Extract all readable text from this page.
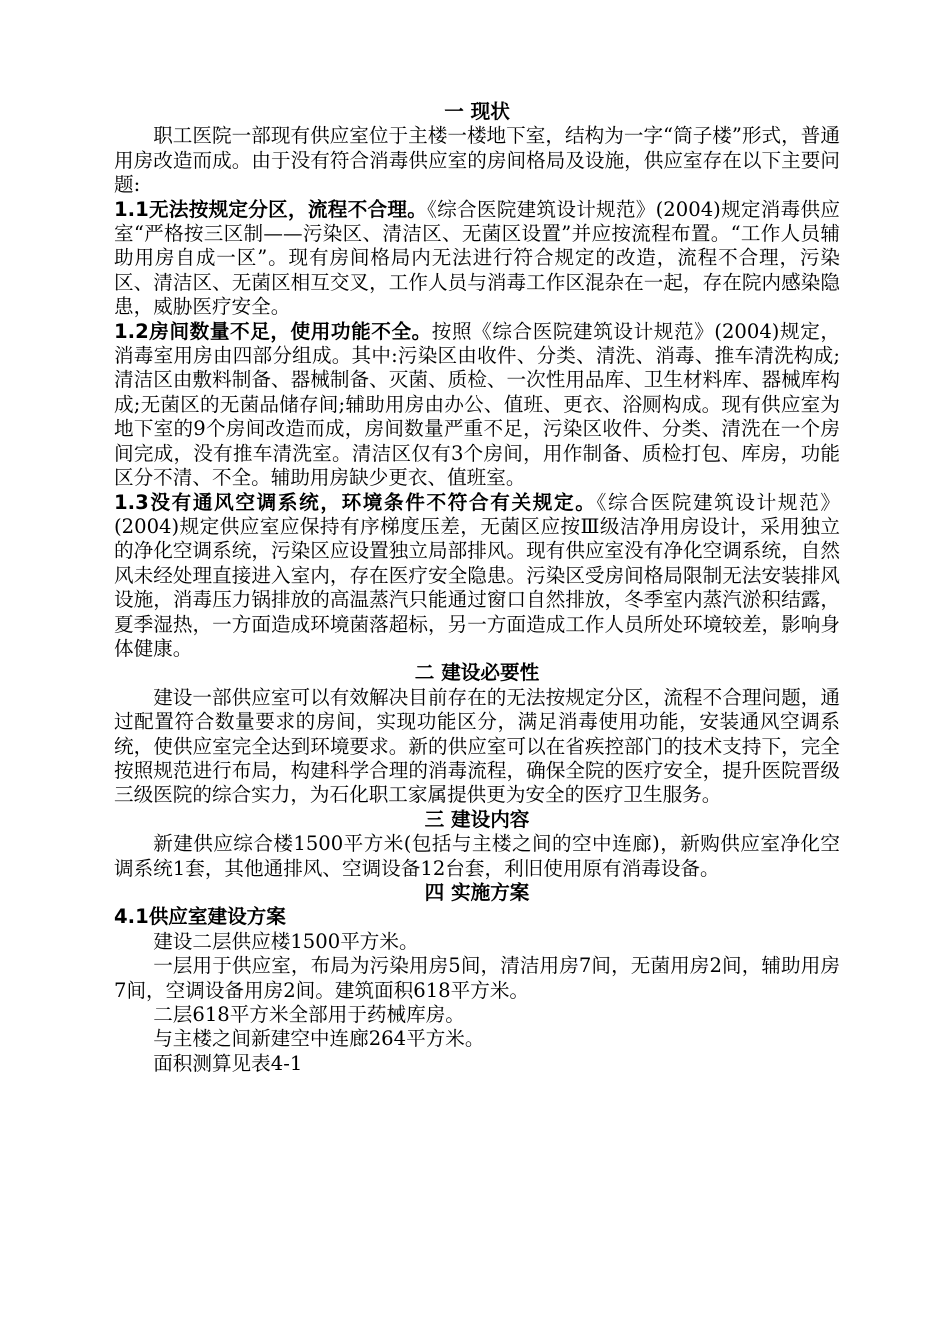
一 现状

职工医院一部现有供应室位于主楼一楼地下室，结构为一字“筒子楼”形式，普通用房改造而成。由于没有符合消毒供应室的房间格局及设施，供应室存在以下主要问题:

1.1无法按规定分区，流程不合理。《综合医院建筑设计规范》(2004)规定消毒供应室“严格按三区制——污染区、清洁区、无菌区设置”并应按流程布置。“工作人员辅助用房自成一区”。现有房间格局内无法进行符合规定的改造，流程不合理，污染区、清洁区、无菌区相互交叉，工作人员与消毒工作区混杂在一起，存在院内感染隐患，威胁医疗安全。

1.2房间数量不足，使用功能不全。按照《综合医院建筑设计规范》(2004)规定，消毒室用房由四部分组成。其中:污染区由收件、分类、清洗、消毒、推车清洗构成;清洁区由敷料制备、器械制备、灭菌、质检、一次性用品库、卫生材料库、器械库构成;无菌区的无菌品储存间;辅助用房由办公、值班、更衣、浴厕构成。现有供应室为地下室的9个房间改造而成，房间数量严重不足，污染区收件、分类、清洗在一个房间完成，没有推车清洗室。清洁区仅有3个房间，用作制备、质检打包、库房，功能区分不清、不全。辅助用房缺少更衣、值班室。

1.3没有通风空调系统，环境条件不符合有关规定。《综合医院建筑设计规范》(2004)规定供应室应保持有序梯度压差，无菌区应按Ⅲ级洁净用房设计，采用独立的净化空调系统，污染区应设置独立局部排风。现有供应室没有净化空调系统，自然风未经处理直接进入室内，存在医疗安全隐患。污染区受房间格局限制无法安装排风设施，消毒压力锅排放的高温蒸汽只能通过窗口自然排放，冬季室内蒸汽淤积结露，夏季湿热，一方面造成环境菌落超标，另一方面造成工作人员所处环境较差，影响身体健康。

二 建设必要性

建设一部供应室可以有效解决目前存在的无法按规定分区，流程不合理问题，通过配置符合数量要求的房间，实现功能区分，满足消毒使用功能，安装通风空调系统，使供应室完全达到环境要求。新的供应室可以在省疾控部门的技术支持下，完全按照规范进行布局，构建科学合理的消毒流程，确保全院的医疗安全，提升医院晋级三级医院的综合实力，为石化职工家属提供更为安全的医疗卫生服务。

三 建设内容

新建供应综合楼1500平方米(包括与主楼之间的空中连廊)，新购供应室净化空调系统1套，其他通排风、空调设备12台套，利旧使用原有消毒设备。

四 实施方案
4.1供应室建设方案

建设二层供应楼1500平方米。

一层用于供应室，布局为污染用房5间，清洁用房7间，无菌用房2间，辅助用房7间，空调设备用房2间。建筑面积618平方米。

二层618平方米全部用于药械库房。

与主楼之间新建空中连廊264平方米。

面积测算见表4-1
